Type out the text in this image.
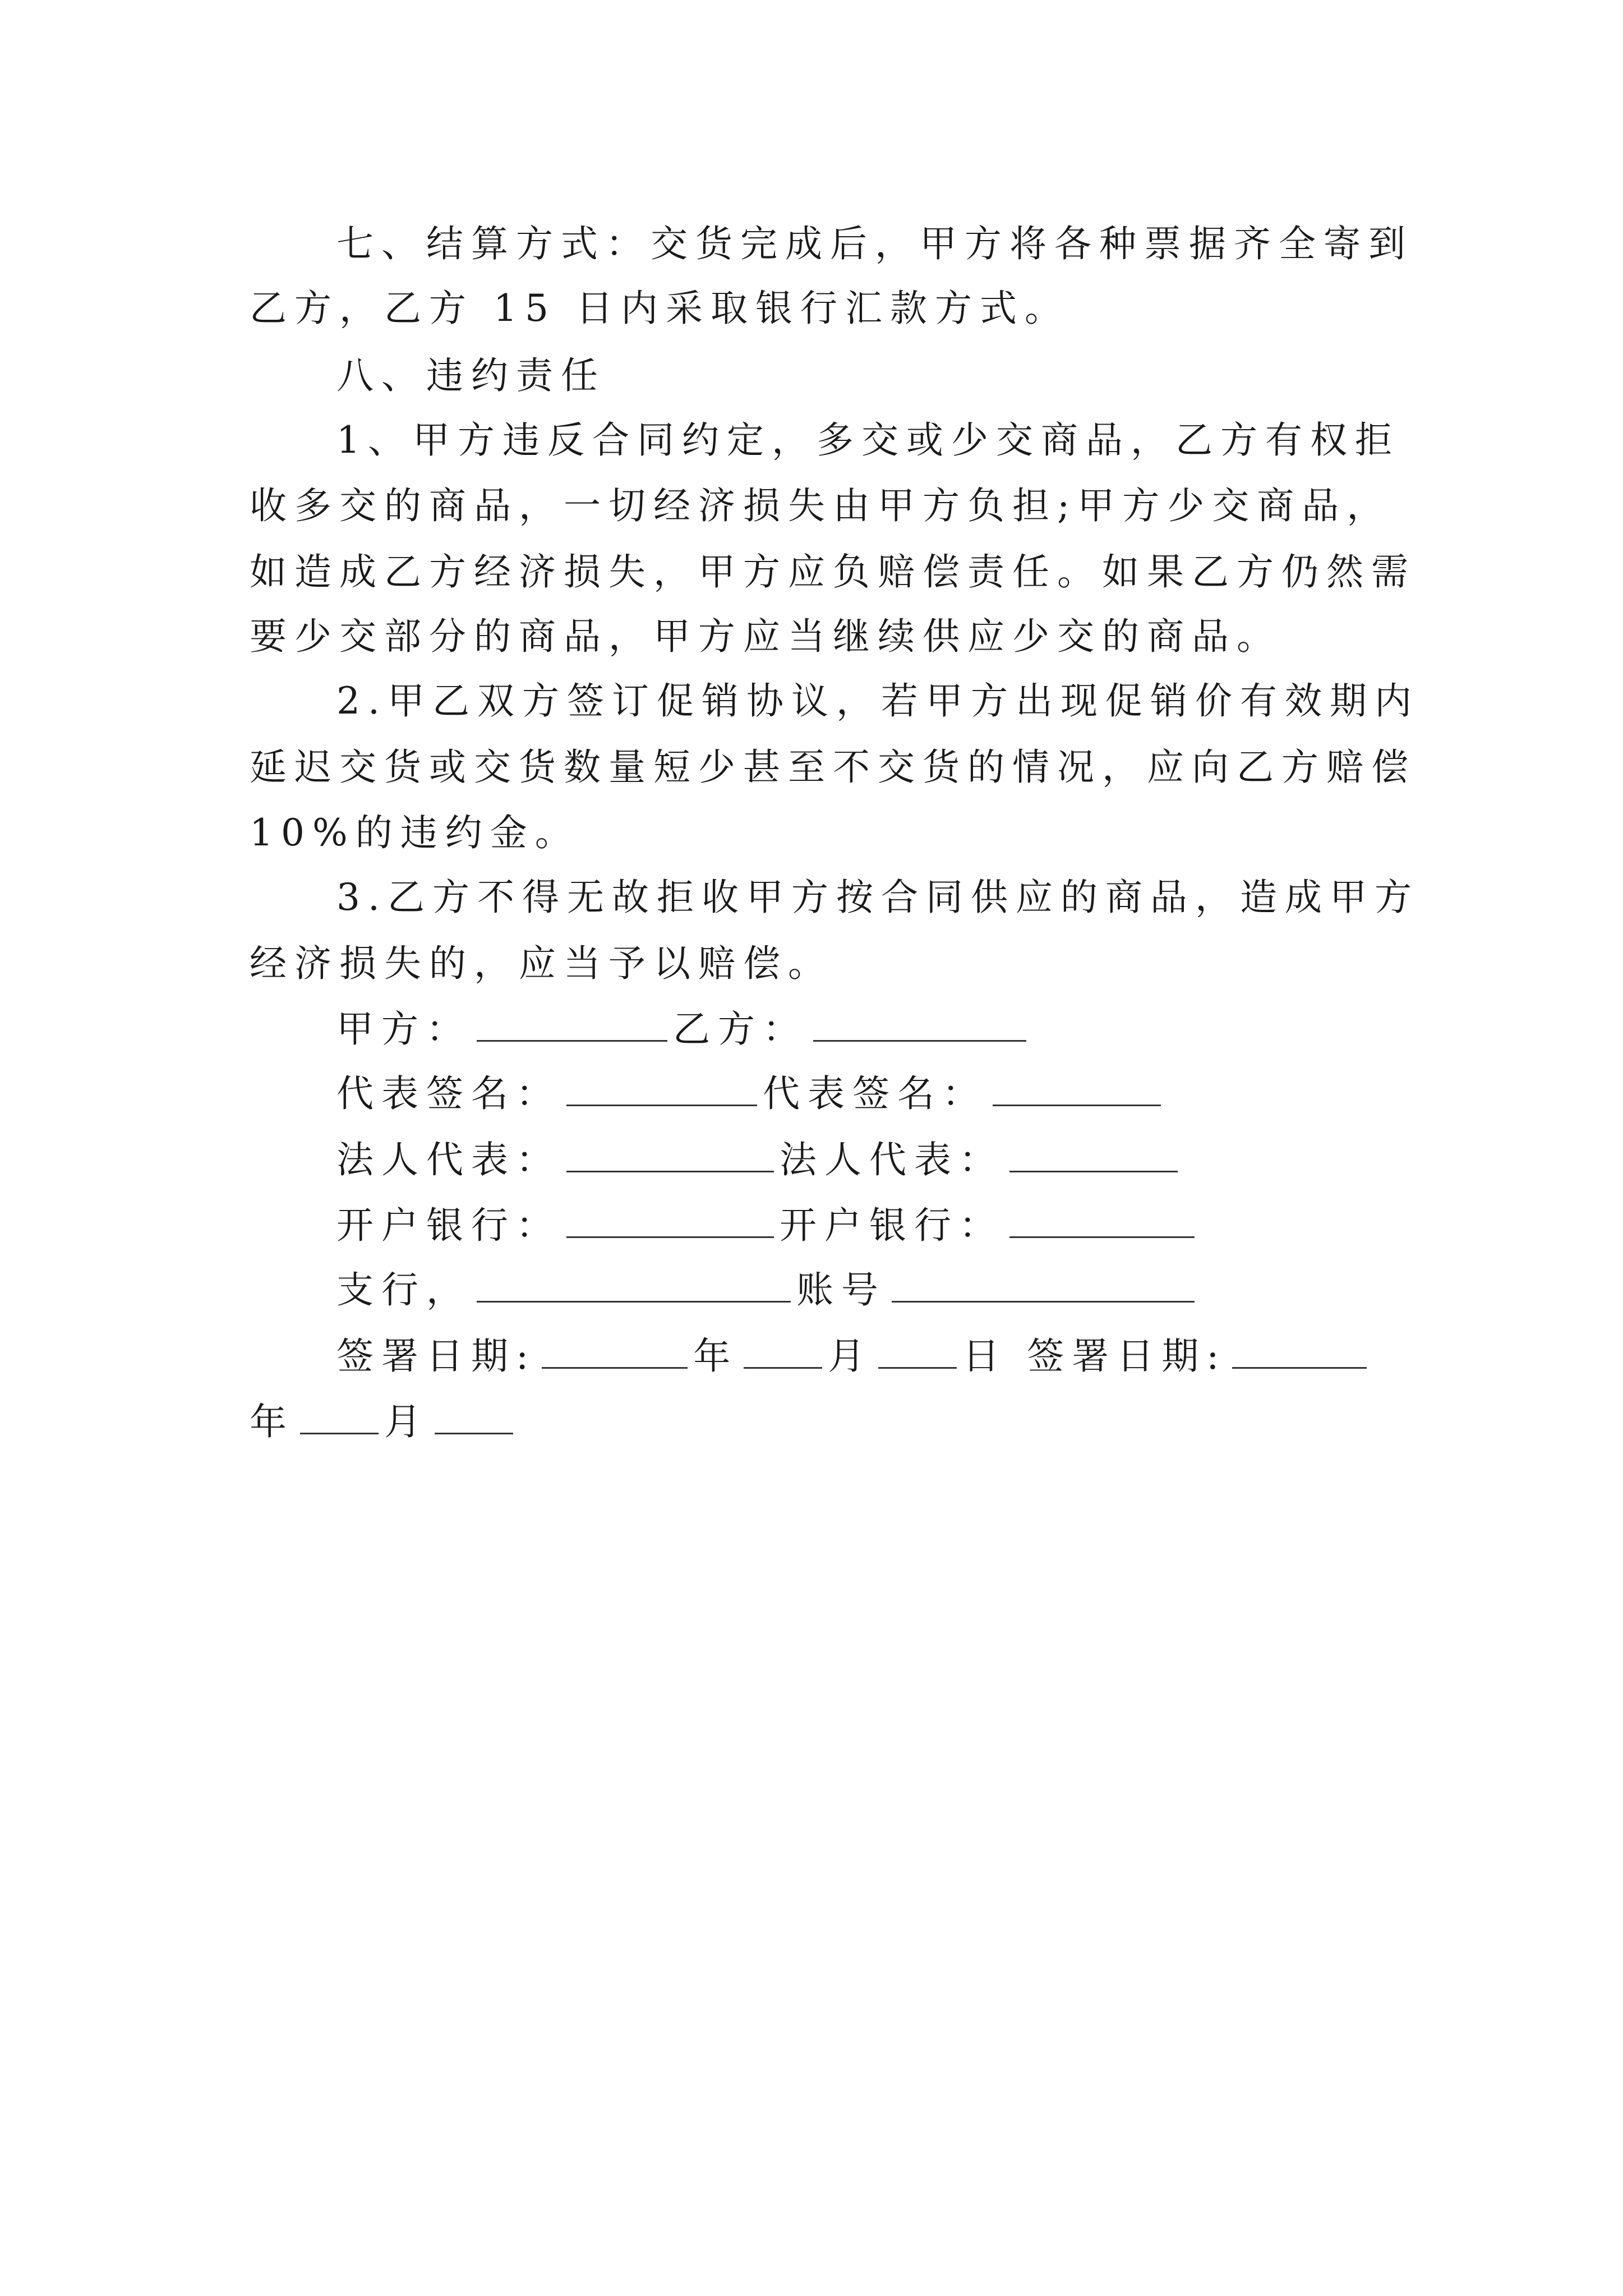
七、结算方式：交货完成后，甲方将各种票据齐全寄到
乙方，乙方 15 日内采取银行汇款方式。
八、违约责任
1、甲方违反合同约定，多交或少交商品，乙方有权拒
收多交的商品，一切经济损失由甲方负担;甲方少交商品，
如造成乙方经济损失，甲方应负赔偿责任。如果乙方仍然需
要少交部分的商品，甲方应当继续供应少交的商品。
2.甲乙双方签订促销协议，若甲方出现促销价有效期内
延迟交货或交货数量短少甚至不交货的情况，应向乙方赔偿
10%的违约金。
3.乙方不得无故拒收甲方按合同供应的商品，造成甲方
经济损失的，应当予以赔偿。
甲方：	乙方：
代表签名：	代表签名：
法人代表：	法人代表：
开户银行：	开户银行：
支行，	账号
签署日期:	年 月 日 签署日期:
年 月
